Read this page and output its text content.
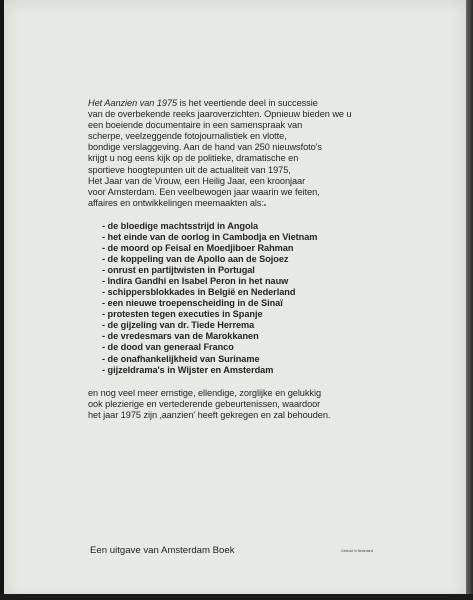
Het Aanzien van 1975 is het veertiende deel in successie
van de overbekende reeks jaaroverzichten. Opnieuw bieden we u
een boeiende documentaire in een samenspraak van
scherpe, veelzeggende fotojournalistiek en vlotte,
bondige verslaggeving. Aan de hand van 250 nieuwsfoto's
krijgt u nog eens kijk op de politieke, dramatische en
sportieve hoogtepunten uit de actualiteit van 1975,
Het Jaar van de Vrouw, een Heilig Jaar, een kroonjaar
voor Amsterdam. Een veelbewogen jaar waarin we feiten,
affaires en ontwikkelingen meemaakten als:

- de bloedige machtsstrijd in Angola
- het einde van de oorlog in Cambodja en Vietnam
- de moord op Feisal en Moedjiboer Rahman
- de koppeling van de Apollo aan de Sojoez
- onrust en partijtwisten in Portugal
- Indira Gandhi en Isabel Peron in het nauw
- schippersblokkades in België en Nederland
- een nieuwe troepenscheiding in de Sinaï
- protesten tegen executies in Spanje
- de gijzeling van dr. Tiede Herrema
- de vredesmars van de Marokkanen
- de dood van generaal Franco
- de onafhankelijkheid van Suriname
- gijzeldrama's in Wijster en Amsterdam

en nog veel meer ernstige, ellendige, zorglijke en gelukkig
ook plezierige en vertederende gebeurtenissen, waardoor
het jaar 1975 zijn ‚aanzien' heeft gekregen en zal behouden.

Een uitgave van Amsterdam Boek	Gedrukt in Nederland
